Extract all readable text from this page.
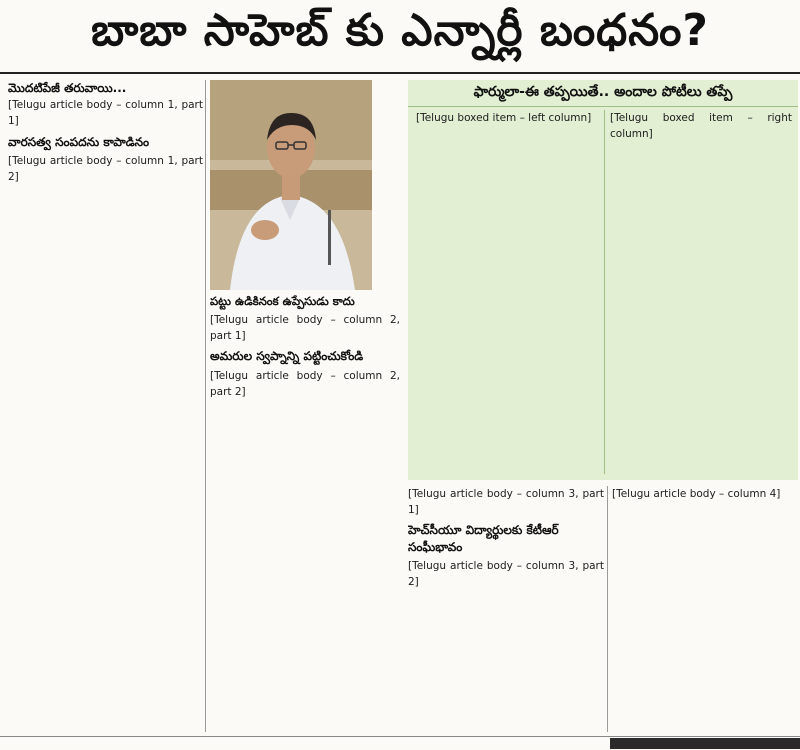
బాబా సాహెబ్ కు ఎన్నార్లీ బంధనం?
మొదటిపేజీ తరువాయి...

[Telugu article body – column 1, part 1]

వారసత్వ సంపదను కాపాడినం

[Telugu article body – column 1, part 2]

పట్టు ఉడికినంక ఉప్పేసుడు కాదు

[Telugu article body – column 2, part 1]

అమరుల స్వప్నాన్ని పట్టించుకోండి

[Telugu article body – column 2, part 2]

ఫార్ములా-ఈ తప్పయితే.. అందాల పోటీలు తప్పే

[Telugu boxed item – left column]	[Telugu boxed item – right column]

[Telugu article body – column 3, part 1]

హెచ్‌సీయూ విద్యార్థులకు కేటీఆర్ సంఘీభావం

[Telugu article body – column 3, part 2]

[Telugu article body – column 4]
